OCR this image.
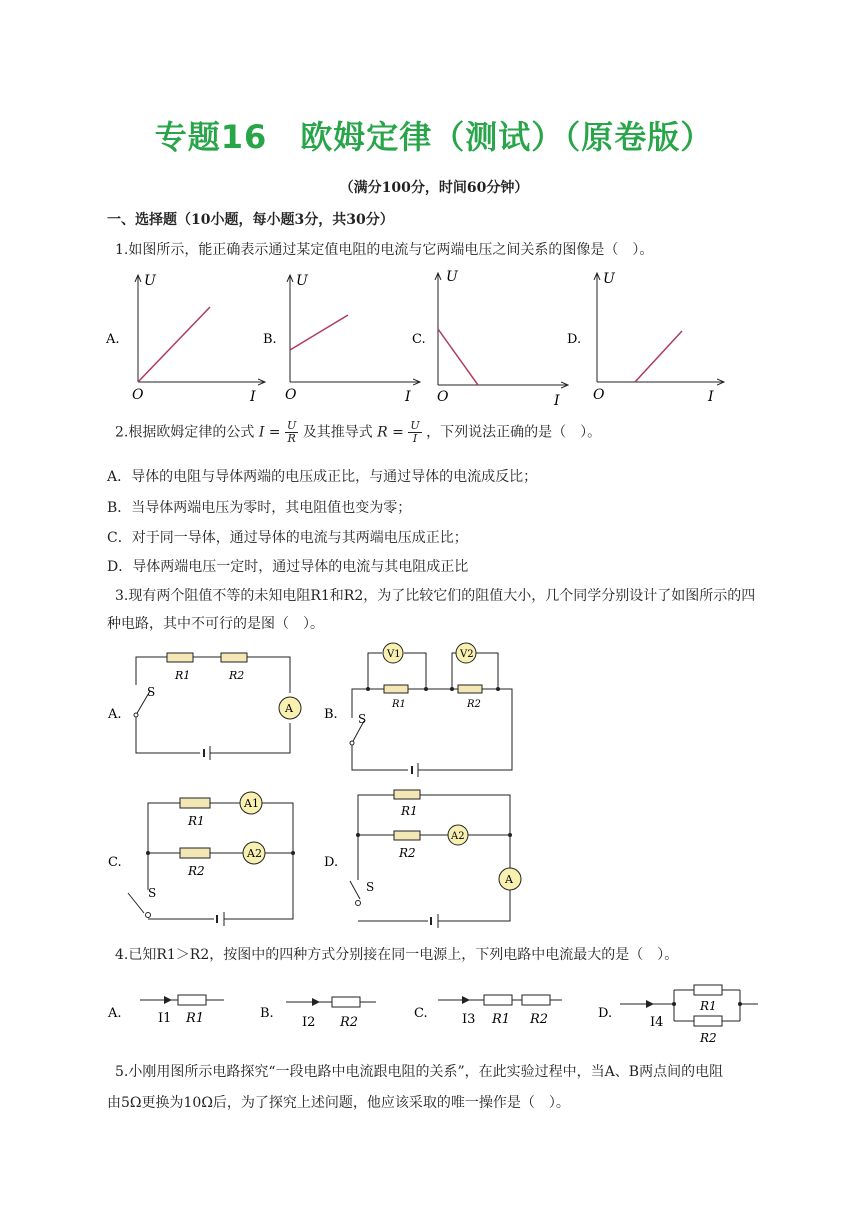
专题16　欧姆定律（测试）（原卷版）
（满分100分，时间60分钟）
一、选择题（10小题，每小题3分，共30分）
1.如图所示，能正确表示通过某定值电阻的电流与它两端电压之间关系的图像是（　）。
A.
U
O	I
B.
U
O	I
C.
U
O	I
D.
U
O	I
2.根据欧姆定律的公式 $I = \frac{U}{R}$ 及其推导式 $R = \frac{U}{I}$ ，下列说法正确的是（　）。
A．导体的电阻与导体两端的电压成正比，与通过导体的电流成反比；
B．当导体两端电压为零时，其电阻值也变为零；
C．对于同一导体，通过导体的电流与其两端电压成正比；
D．导体两端电压一定时，通过导体的电流与其电阻成正比
3.现有两个阻值不等的未知电阻R1和R2，为了比较它们的阻值大小，几个同学分别设计了如图所示的四
种电路，其中不可行的是图（　）。
A.
S
R1	R2
A B. S
R1	R2
V1	V2
C.
S
R1
R2
A1
A2
D.
S
R1
R2
A2
A
4.已知R1＞R2，按图中的四种方式分别接在同一电源上，下列电路中电流最大的是（　）。
A.	I1 R1	B.
I2 R2
C.	I3 R1 R2	D.
I4
R1
R2
5.小刚用图所示电路探究“一段电路中电流跟电阻的关系”，在此实验过程中，当A、B两点间的电阻
由5Ω更换为10Ω后，为了探究上述问题，他应该采取的唯一操作是（　）。
